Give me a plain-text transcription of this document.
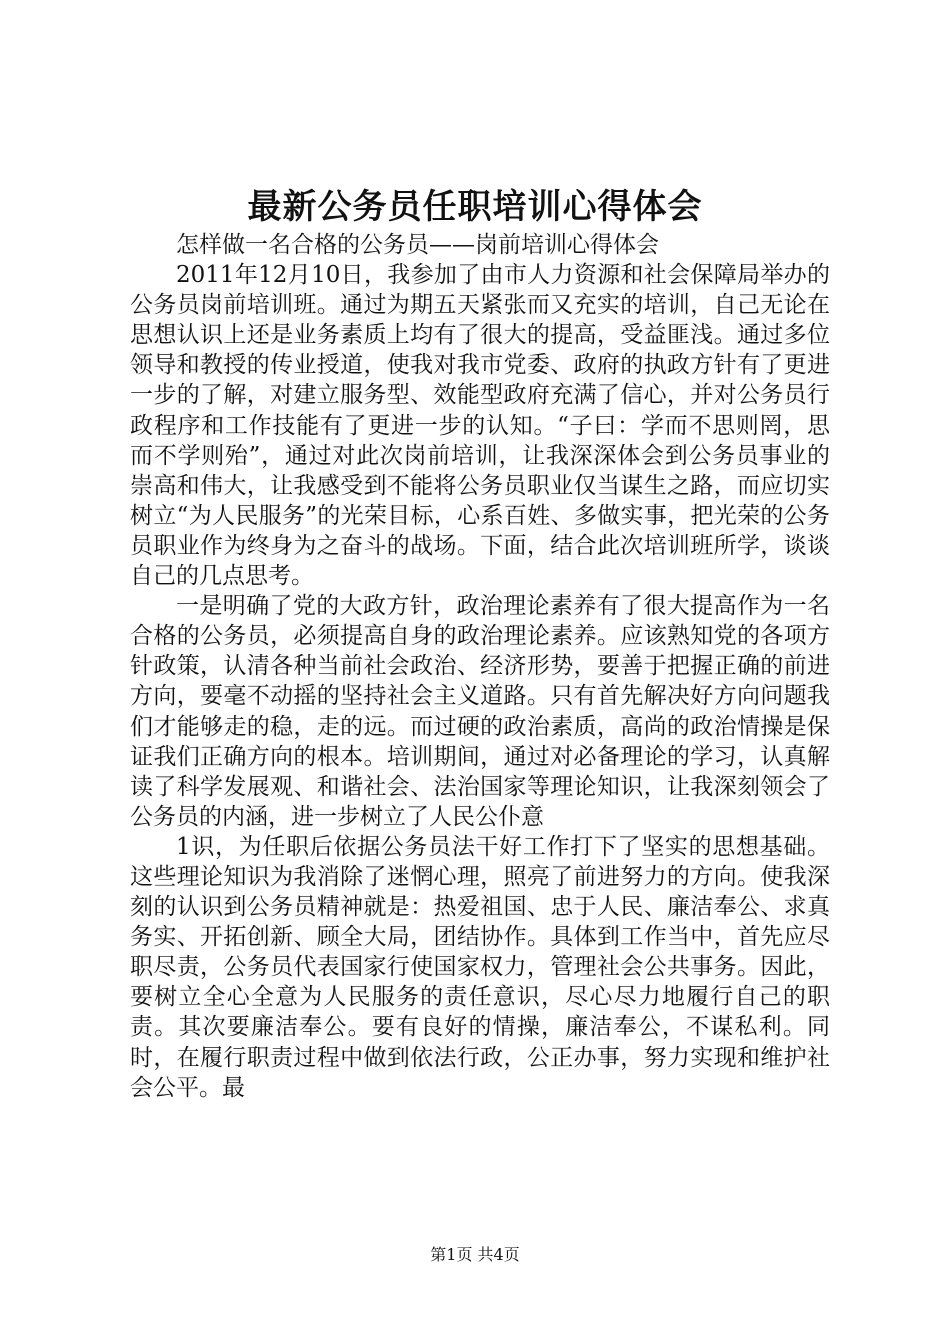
最新公务员任职培训心得体会

怎样做一名合格的公务员——岗前培训心得体会

2011年12月10日，我参加了由市人力资源和社会保障局举办的公务员岗前培训班。通过为期五天紧张而又充实的培训，自己无论在思想认识上还是业务素质上均有了很大的提高，受益匪浅。通过多位领导和教授的传业授道，使我对我市党委、政府的执政方针有了更进一步的了解，对建立服务型、效能型政府充满了信心，并对公务员行政程序和工作技能有了更进一步的认知。“子曰：学而不思则罔，思而不学则殆”，通过对此次岗前培训，让我深深体会到公务员事业的崇高和伟大，让我感受到不能将公务员职业仅当谋生之路，而应切实树立“为人民服务”的光荣目标，心系百姓、多做实事，把光荣的公务员职业作为终身为之奋斗的战场。下面，结合此次培训班所学，谈谈自己的几点思考。

一是明确了党的大政方针，政治理论素养有了很大提高作为一名合格的公务员，必须提高自身的政治理论素养。应该熟知党的各项方针政策，认清各种当前社会政治、经济形势，要善于把握正确的前进方向，要毫不动摇的坚持社会主义道路。只有首先解决好方向问题我们才能够走的稳，走的远。而过硬的政治素质，高尚的政治情操是保证我们正确方向的根本。培训期间，通过对必备理论的学习，认真解读了科学发展观、和谐社会、法治国家等理论知识，让我深刻领会了公务员的内涵，进一步树立了人民公仆意

1识，为任职后依据公务员法干好工作打下了坚实的思想基础。这些理论知识为我消除了迷惘心理，照亮了前进努力的方向。使我深刻的认识到公务员精神就是：热爱祖国、忠于人民、廉洁奉公、求真务实、开拓创新、顾全大局，团结协作。具体到工作当中，首先应尽职尽责，公务员代表国家行使国家权力，管理社会公共事务。因此，要树立全心全意为人民服务的责任意识，尽心尽力地履行自己的职责。其次要廉洁奉公。要有良好的情操，廉洁奉公，不谋私利。同时，在履行职责过程中做到依法行政，公正办事，努力实现和维护社会公平。最

第1页 共4页
